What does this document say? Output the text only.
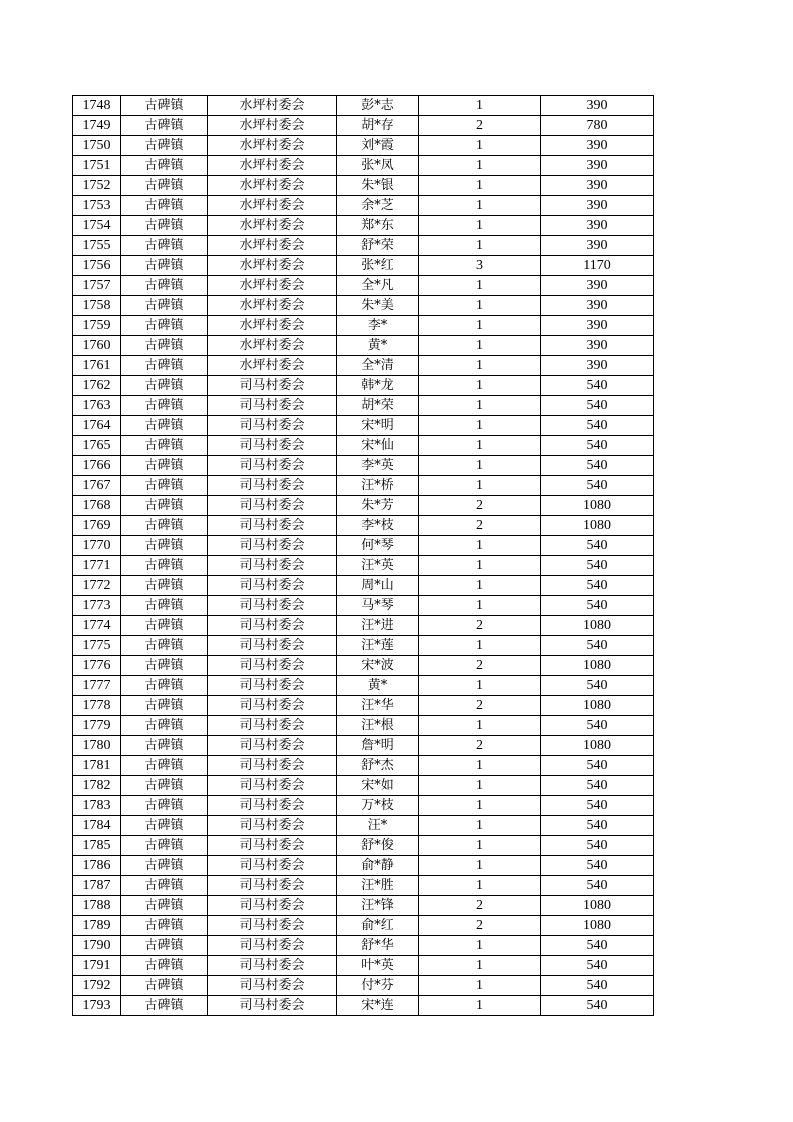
1748	古碑镇	水坪村委会	彭*志	1	390
1749	古碑镇	水坪村委会	胡*存	2	780
1750	古碑镇	水坪村委会	刘*霞	1	390
1751	古碑镇	水坪村委会	张*凤	1	390
1752	古碑镇	水坪村委会	朱*银	1	390
1753	古碑镇	水坪村委会	余*芝	1	390
1754	古碑镇	水坪村委会	郑*东	1	390
1755	古碑镇	水坪村委会	舒*荣	1	390
1756	古碑镇	水坪村委会	张*红	3	1170
1757	古碑镇	水坪村委会	全*凡	1	390
1758	古碑镇	水坪村委会	朱*美	1	390
1759	古碑镇	水坪村委会	李*	1	390
1760	古碑镇	水坪村委会	黄*	1	390
1761	古碑镇	水坪村委会	全*清	1	390
1762	古碑镇	司马村委会	韩*龙	1	540
1763	古碑镇	司马村委会	胡*荣	1	540
1764	古碑镇	司马村委会	宋*明	1	540
1765	古碑镇	司马村委会	宋*仙	1	540
1766	古碑镇	司马村委会	李*英	1	540
1767	古碑镇	司马村委会	汪*桥	1	540
1768	古碑镇	司马村委会	朱*芳	2	1080
1769	古碑镇	司马村委会	李*枝	2	1080
1770	古碑镇	司马村委会	何*琴	1	540
1771	古碑镇	司马村委会	汪*英	1	540
1772	古碑镇	司马村委会	周*山	1	540
1773	古碑镇	司马村委会	马*琴	1	540
1774	古碑镇	司马村委会	汪*进	2	1080
1775	古碑镇	司马村委会	汪*莲	1	540
1776	古碑镇	司马村委会	宋*波	2	1080
1777	古碑镇	司马村委会	黄*	1	540
1778	古碑镇	司马村委会	汪*华	2	1080
1779	古碑镇	司马村委会	汪*根	1	540
1780	古碑镇	司马村委会	詹*明	2	1080
1781	古碑镇	司马村委会	舒*杰	1	540
1782	古碑镇	司马村委会	宋*如	1	540
1783	古碑镇	司马村委会	万*枝	1	540
1784	古碑镇	司马村委会	汪*	1	540
1785	古碑镇	司马村委会	舒*俊	1	540
1786	古碑镇	司马村委会	俞*静	1	540
1787	古碑镇	司马村委会	汪*胜	1	540
1788	古碑镇	司马村委会	汪*锋	2	1080
1789	古碑镇	司马村委会	俞*红	2	1080
1790	古碑镇	司马村委会	舒*华	1	540
1791	古碑镇	司马村委会	叶*英	1	540
1792	古碑镇	司马村委会	付*芬	1	540
1793	古碑镇	司马村委会	宋*连	1	540
